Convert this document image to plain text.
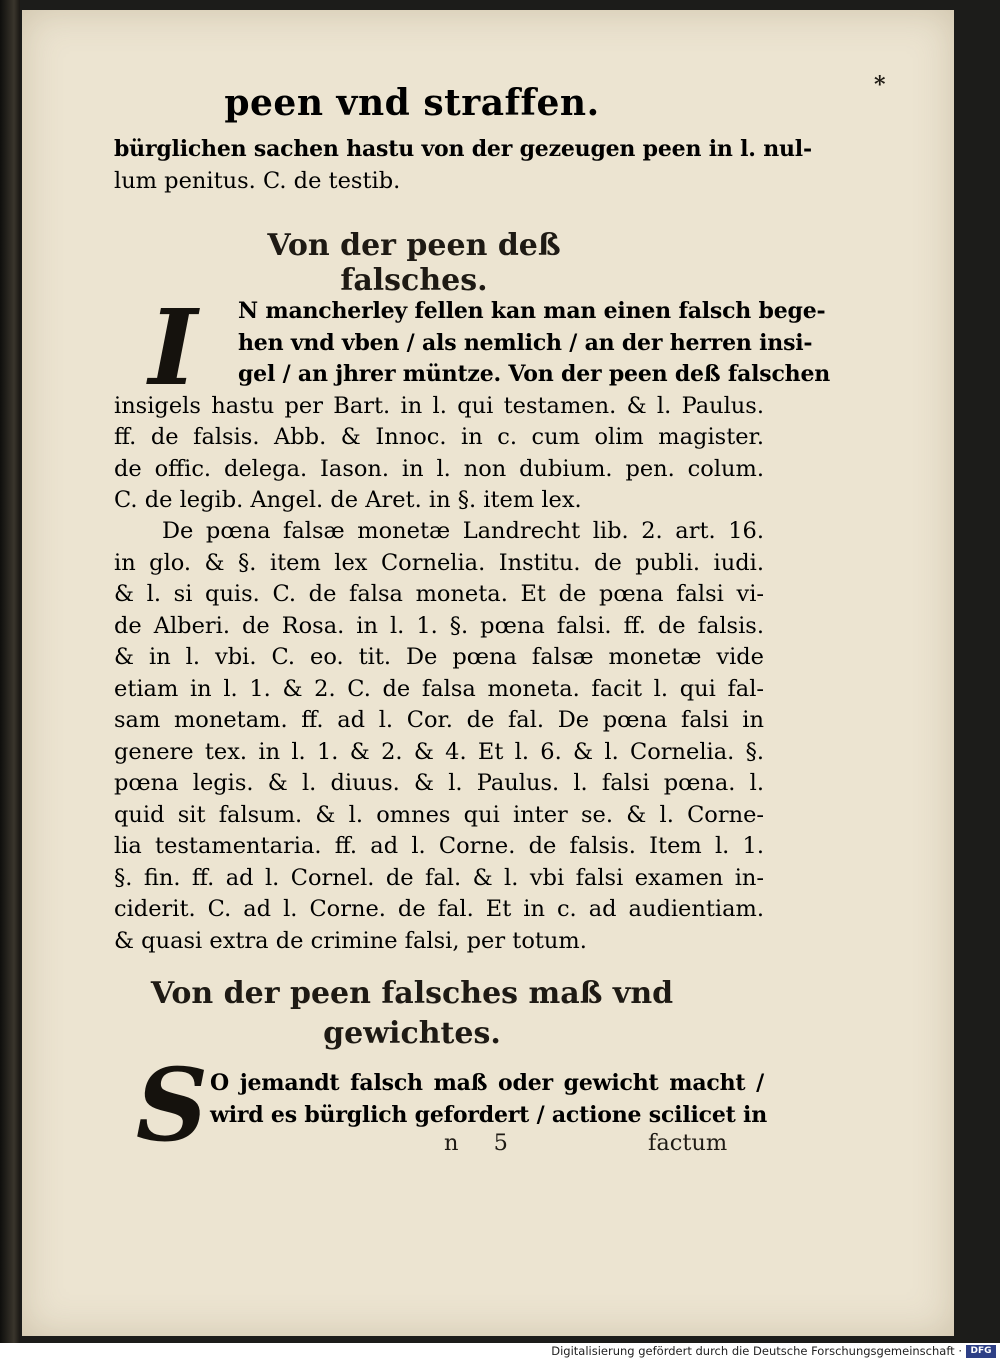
peen vnd straffen.	*
bürglichen sachen hastu von der gezeugen peen in l. nul-
lum penitus. C. de testib.
Von der peen deß falsches.
I	N mancherley fellen kan man einen falsch bege-
hen vnd vben / als nemlich / an der herren insi-
gel / an jhrer müntze. Von der peen deß falschen
insigels hastu per Bart. in l. qui testamen. & l. Paulus.
ff. de falsis. Abb. & Innoc. in c. cum olim magister.
de offic. delega. Iason. in l. non dubium. pen. colum.
C. de legib. Angel. de Aret. in §. item lex.
De pœna falsæ monetæ Landrecht lib. 2. art. 16.
in glo. & §. item lex Cornelia. Institu. de publi. iudi.
& l. si quis. C. de falsa moneta. Et de pœna falsi vi-
de Alberi. de Rosa. in l. 1. §. pœna falsi. ff. de falsis.
& in l. vbi. C. eo. tit. De pœna falsæ monetæ vide
etiam in l. 1. & 2. C. de falsa moneta. facit l. qui fal-
sam monetam. ff. ad l. Cor. de fal. De pœna falsi in
genere tex. in l. 1. & 2. & 4. Et l. 6. & l. Cornelia. §.
pœna legis. & l. diuus. & l. Paulus. l. falsi pœna. l.
quid sit falsum. & l. omnes qui inter se. & l. Corne-
lia testamentaria. ff. ad l. Corne. de falsis. Item l. 1.
§. fin. ff. ad l. Cornel. de fal. & l. vbi falsi examen in-
ciderit. C. ad l. Corne. de fal. Et in c. ad audientiam.
& quasi extra de crimine falsi, per totum.
Von der peen falsches maß vnd
gewichtes.
S O jemandt falsch maß oder gewicht macht /
wird es bürglich gefordert / actione scilicet in
n 5	factum
Digitalisierung gefördert durch die Deutsche Forschungsgemeinschaft · DFG
